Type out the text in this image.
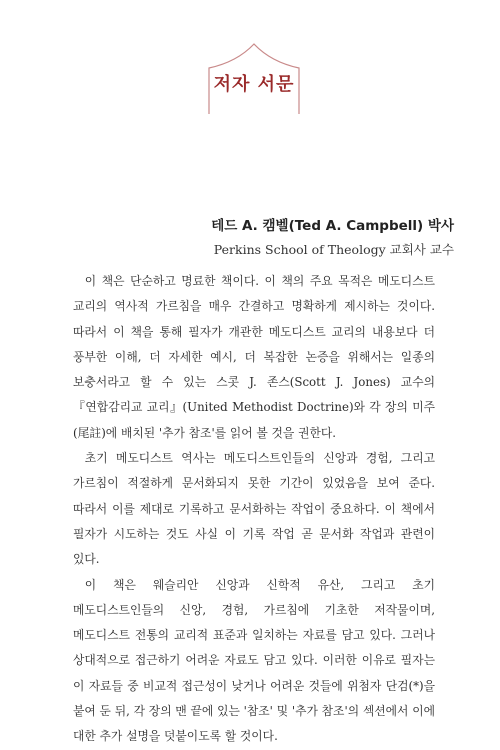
저자 서문
테드 A. 캠벨(Ted A. Campbell) 박사
Perkins School of Theology 교회사 교수

이 책은 단순하고 명료한 책이다. 이 책의 주요 목적은 메도디스트 교리의 역사적 가르침을 매우 간결하고 명확하게 제시하는 것이다. 따라서 이 책을 통해 필자가 개관한 메도디스트 교리의 내용보다 더 풍부한 이해, 더 자세한 예시, 더 복잡한 논증을 위해서는 일종의 보충서라고 할 수 있는 스콧 J. 존스(Scott J. Jones) 교수의 『연합감리교 교리』(United Methodist Doctrine)와 각 장의 미주(尾註)에 배치된 '추가 참조'를 읽어 볼 것을 권한다.

초기 메도디스트 역사는 메도디스트인들의 신앙과 경험, 그리고 가르침이 적절하게 문서화되지 못한 기간이 있었음을 보여 준다. 따라서 이를 제대로 기록하고 문서화하는 작업이 중요하다. 이 책에서 필자가 시도하는 것도 사실 이 기록 작업 곧 문서화 작업과 관련이 있다.

이 책은 웨슬리안 신앙과 신학적 유산, 그리고 초기 메도디스트인들의 신앙, 경험, 가르침에 기초한 저작물이며, 메도디스트 전통의 교리적 표준과 일치하는 자료를 담고 있다. 그러나 상대적으로 접근하기 어려운 자료도 담고 있다. 이러한 이유로 필자는 이 자료들 중 비교적 접근성이 낮거나 어려운 것들에 위첨자 단검(*)을 붙여 둔 뒤, 각 장의 맨 끝에 있는 '참조' 및 '추가 참조'의 섹션에서 이에 대한 추가 설명을 덧붙이도록 할 것이다.
